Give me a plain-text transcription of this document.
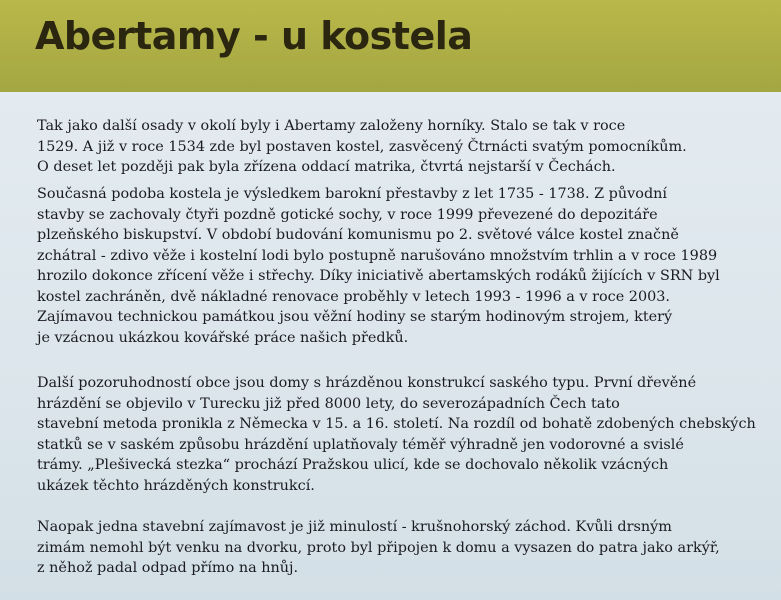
Abertamy - u kostela

Tak jako další osady v okolí byly i Abertamy založeny horníky. Stalo se tak v roce
1529. A již v roce 1534 zde byl postaven kostel, zasvěcený Čtrnácti svatým pomocníkům.
O deset let později pak byla zřízena oddací matrika, čtvrtá nejstarší v Čechách.

Současná podoba kostela je výsledkem barokní přestavby z let 1735 - 1738. Z původní
stavby se zachovaly čtyři pozdně gotické sochy, v roce 1999 převezené do depozitáře
plzeňského biskupství. V období budování komunismu po 2. světové válce kostel značně
zchátral - zdivo věže i kostelní lodi bylo postupně narušováno množstvím trhlin a v roce 1989
hrozilo dokonce zřícení věže i střechy. Díky iniciativě abertamských rodáků žijících v SRN byl
kostel zachráněn, dvě nákladné renovace proběhly v letech 1993 - 1996 a v roce 2003.
Zajímavou technickou památkou jsou věžní hodiny se starým hodinovým strojem, který
je vzácnou ukázkou kovářské práce našich předků.

Další pozoruhodností obce jsou domy s hrázděnou konstrukcí saského typu. První dřevěné
hrázdění se objevilo v Turecku již před 8000 lety, do severozápadních Čech tato
stavební metoda pronikla z Německa v 15. a 16. století. Na rozdíl od bohatě zdobených chebských
statků se v saském způsobu hrázdění uplatňovaly téměř výhradně jen vodorovné a svislé
trámy. „Plešivecká stezka“ prochází Pražskou ulicí, kde se dochovalo několik vzácných
ukázek těchto hrázděných konstrukcí.

Naopak jedna stavební zajímavost je již minulostí - krušnohorský záchod. Kvůli drsným
zimám nemohl být venku na dvorku, proto byl připojen k domu a vysazen do patra jako arkýř,
z něhož padal odpad přímo na hnůj.
